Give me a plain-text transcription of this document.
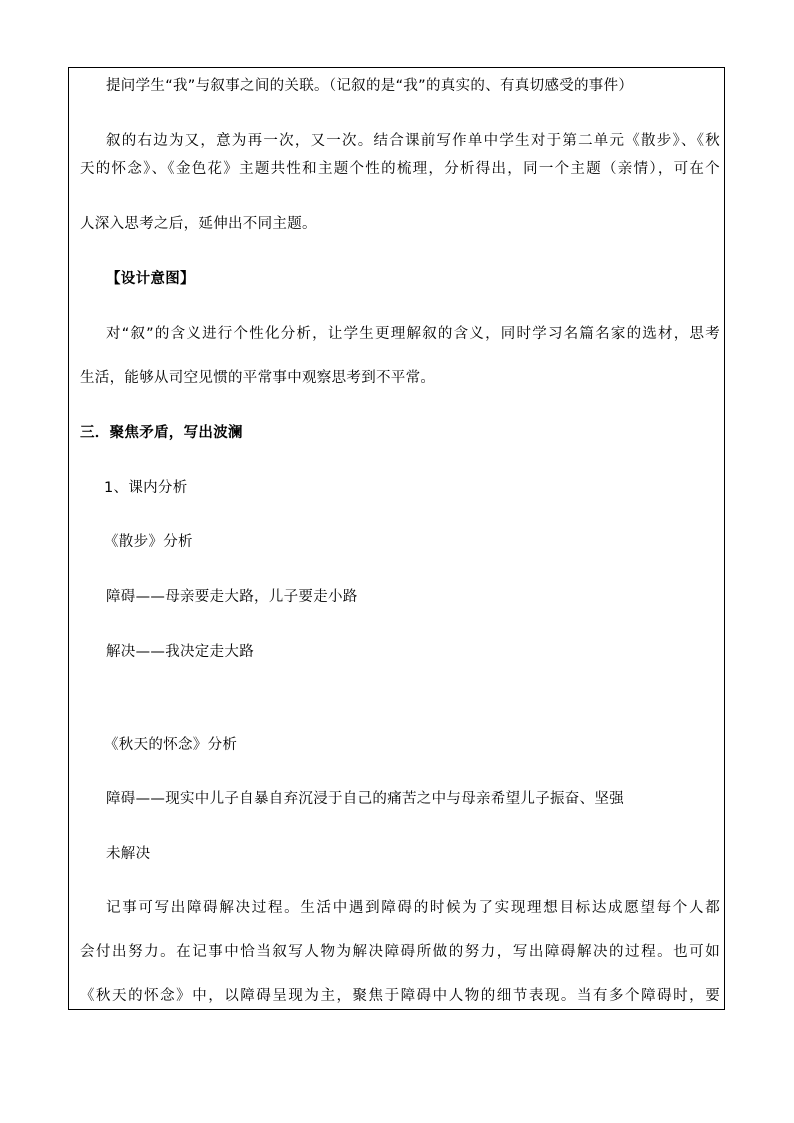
提问学生“我”与叙事之间的关联。（记叙的是“我”的真实的、有真切感受的事件）
叙的右边为又，意为再一次，又一次。结合课前写作单中学生对于第二单元《散步》、《秋
天的怀念》、《金色花》主题共性和主题个性的梳理，分析得出，同一个主题（亲情），可在个
人深入思考之后，延伸出不同主题。
【设计意图】
对“叙”的含义进行个性化分析，让学生更理解叙的含义，同时学习名篇名家的选材，思考
生活，能够从司空见惯的平常事中观察思考到不平常。
三．聚焦矛盾，写出波澜
1、课内分析
《散步》分析
障碍——母亲要走大路，儿子要走小路
解决——我决定走大路
《秋天的怀念》分析
障碍——现实中儿子自暴自弃沉浸于自己的痛苦之中与母亲希望儿子振奋、坚强
未解决
记事可写出障碍解决过程。生活中遇到障碍的时候为了实现理想目标达成愿望每个人都
会付出努力。在记事中恰当叙写人物为解决障碍所做的努力，写出障碍解决的过程。也可如
《秋天的怀念》中，以障碍呈现为主，聚焦于障碍中人物的细节表现。当有多个障碍时，要
